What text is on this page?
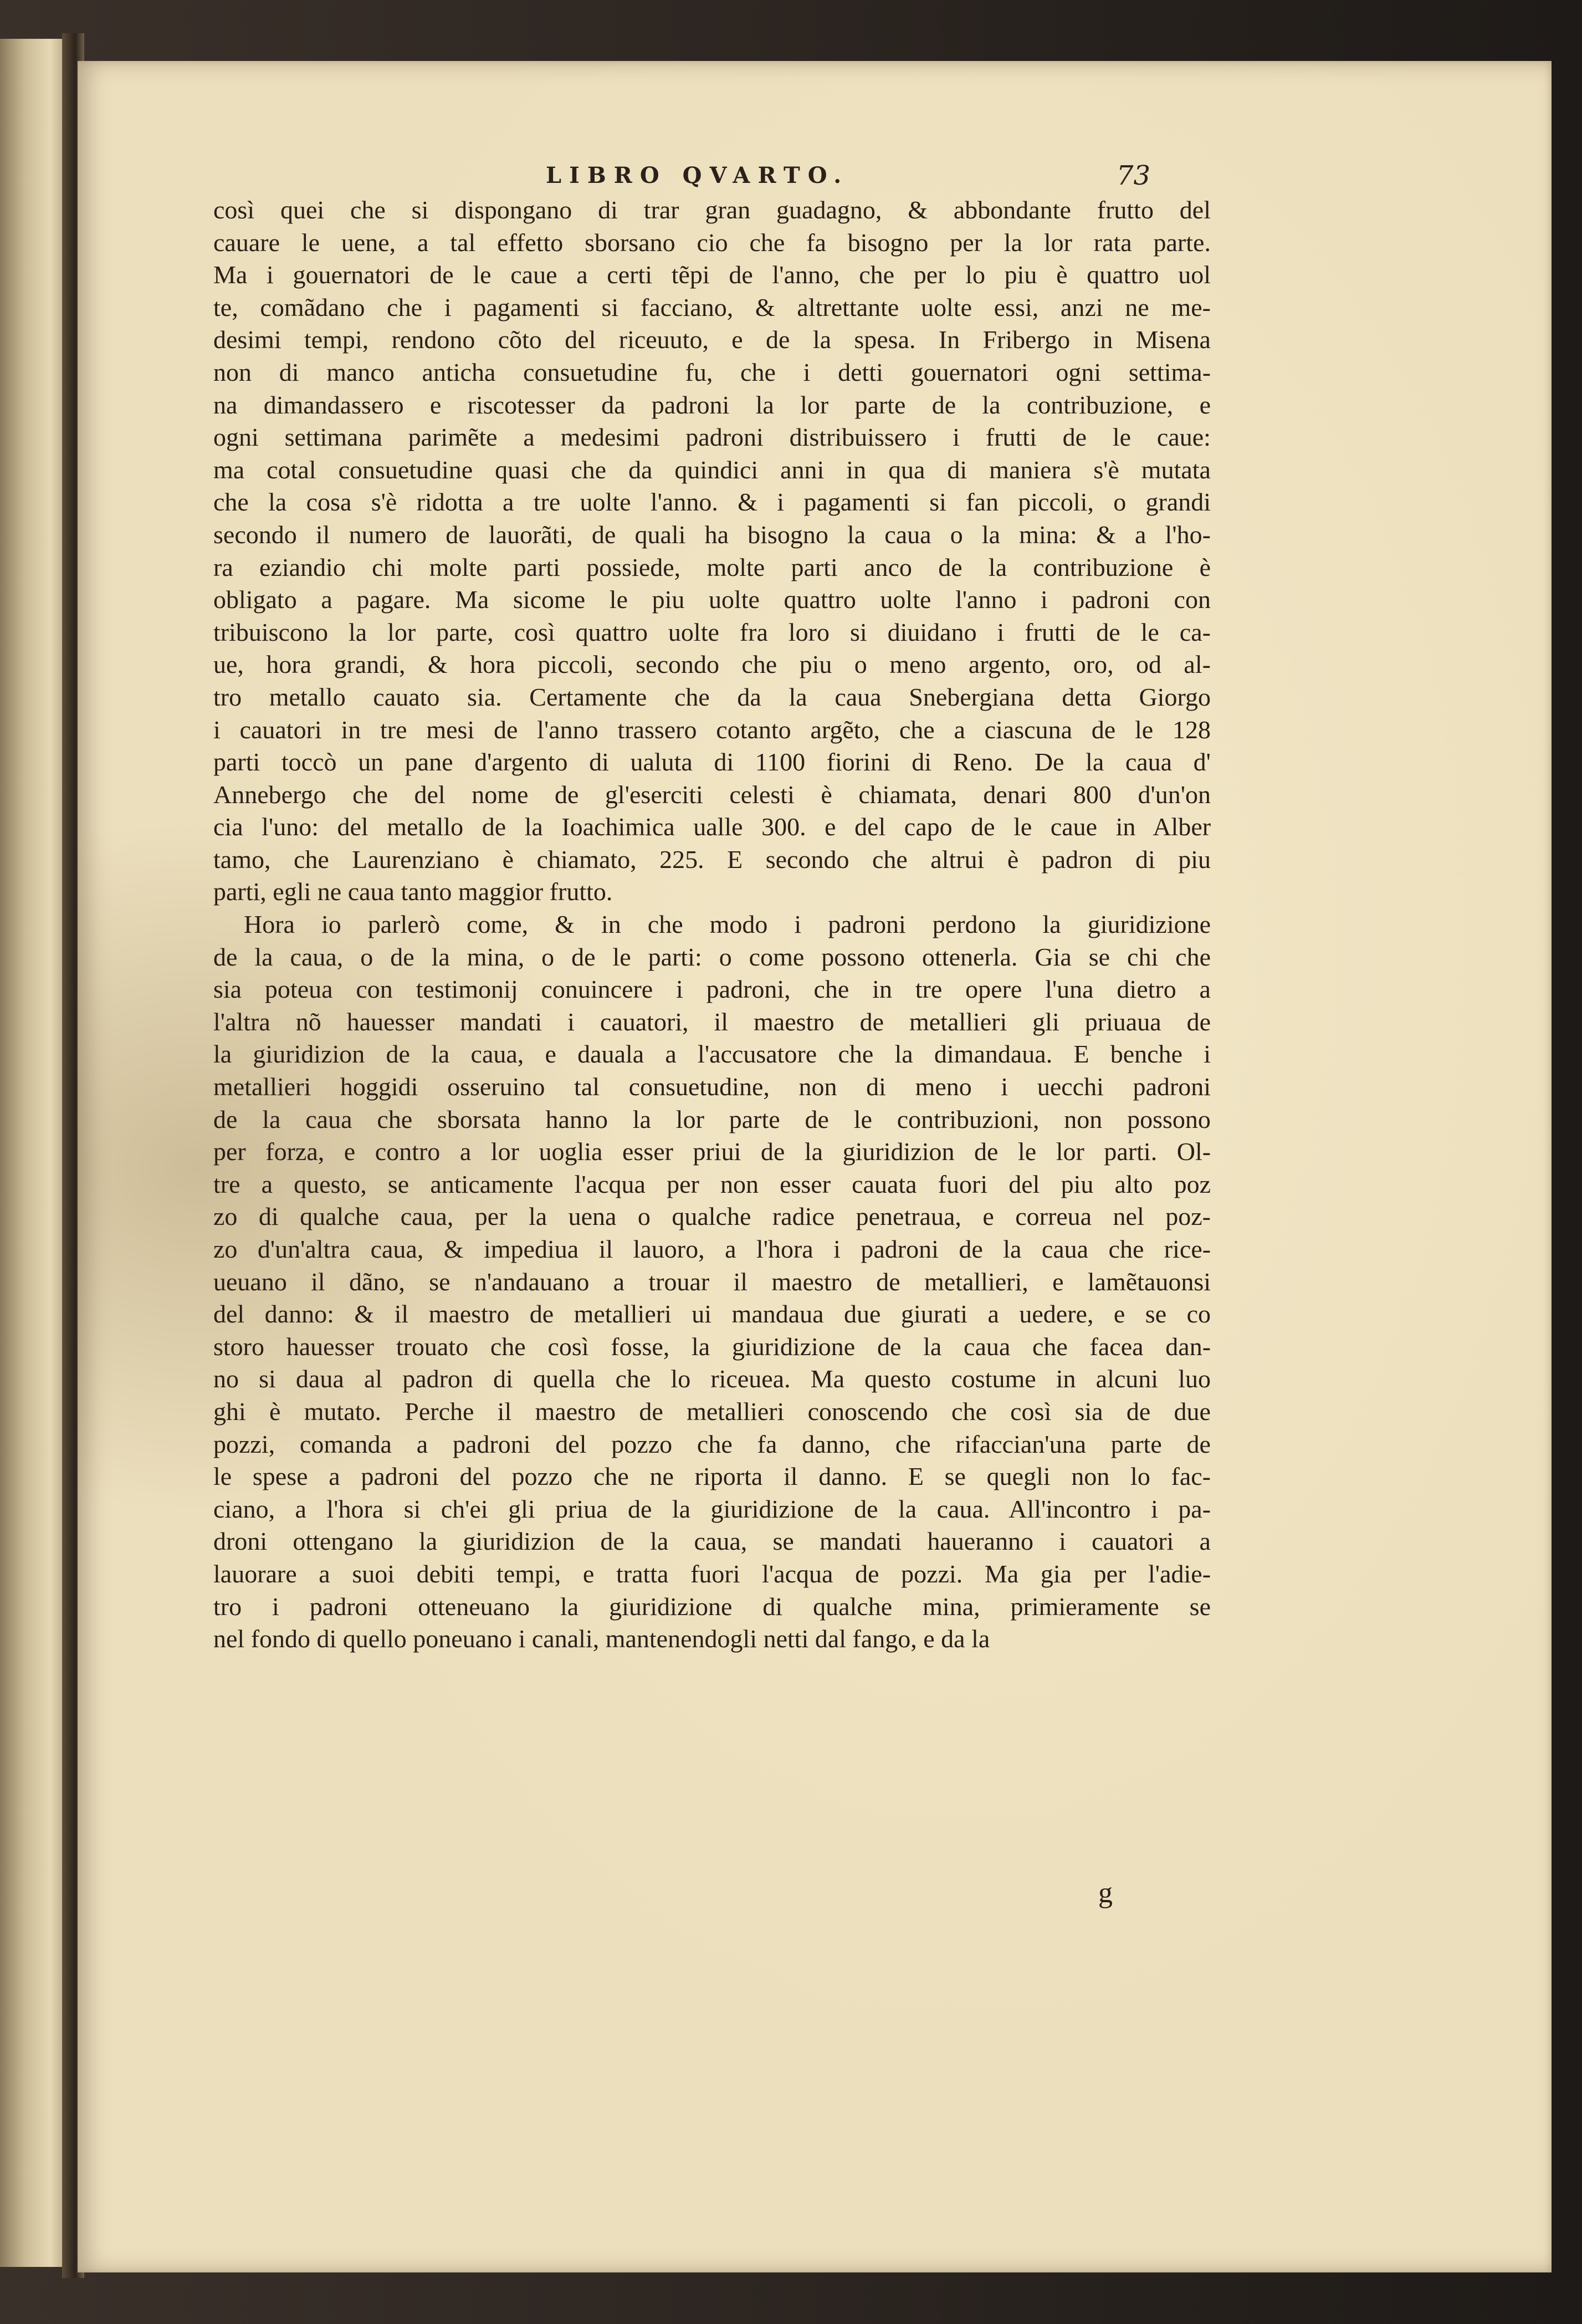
LIBRO QVARTO.	73
così quei che si dispongano di trar gran guadagno, & abbondante frutto del
cauare le uene, a tal effetto sborsano cio che fa bisogno per la lor rata parte.
Ma i gouernatori de le caue a certi tẽpi de l'anno, che per lo piu è quattro uol
te, comãdano che i pagamenti si facciano, & altrettante uolte essi, anzi ne me-
desimi tempi, rendono cõto del riceuuto, e de la spesa. In Fribergo in Misena
non di manco anticha consuetudine fu, che i detti gouernatori ogni settima-
na dimandassero e riscotesser da padroni la lor parte de la contribuzione, e
ogni settimana parimẽte a medesimi padroni distribuissero i frutti de le caue:
ma cotal consuetudine quasi che da quindici anni in qua di maniera s'è mutata
che la cosa s'è ridotta a tre uolte l'anno. & i pagamenti si fan piccoli, o grandi
secondo il numero de lauorãti, de quali ha bisogno la caua o la mina: & a l'ho-
ra eziandio chi molte parti possiede, molte parti anco de la contribuzione è
obligato a pagare. Ma sicome le piu uolte quattro uolte l'anno i padroni con
tribuiscono la lor parte, così quattro uolte fra loro si diuidano i frutti de le ca-
ue, hora grandi, & hora piccoli, secondo che piu o meno argento, oro, od al-
tro metallo cauato sia. Certamente che da la caua Snebergiana detta Giorgo
i cauatori in tre mesi de l'anno trassero cotanto argẽto, che a ciascuna de le 128
parti toccò un pane d'argento di ualuta di 1100 fiorini di Reno. De la caua d'
Annebergo che del nome de gl'eserciti celesti è chiamata, denari 800 d'un'on
cia l'uno: del metallo de la Ioachimica ualle 300. e del capo de le caue in Alber
tamo, che Laurenziano è chiamato, 225. E secondo che altrui è padron di piu
parti, egli ne caua tanto maggior frutto.
Hora io parlerò come, & in che modo i padroni perdono la giuridizione
de la caua, o de la mina, o de le parti: o come possono ottenerla. Gia se chi che
sia poteua con testimonij conuincere i padroni, che in tre opere l'una dietro a
l'altra nõ hauesser mandati i cauatori, il maestro de metallieri gli priuaua de
la giuridizion de la caua, e dauala a l'accusatore che la dimandaua. E benche i
metallieri hoggidi osseruino tal consuetudine, non di meno i uecchi padroni
de la caua che sborsata hanno la lor parte de le contribuzioni, non possono
per forza, e contro a lor uoglia esser priui de la giuridizion de le lor parti. Ol-
tre a questo, se anticamente l'acqua per non esser cauata fuori del piu alto poz
zo di qualche caua, per la uena o qualche radice penetraua, e correua nel poz-
zo d'un'altra caua, & impediua il lauoro, a l'hora i padroni de la caua che rice-
ueuano il dãno, se n'andauano a trouar il maestro de metallieri, e lamẽtauonsi
del danno: & il maestro de metallieri ui mandaua due giurati a uedere, e se co
storo hauesser trouato che così fosse, la giuridizione de la caua che facea dan-
no si daua al padron di quella che lo riceuea. Ma questo costume in alcuni luo
ghi è mutato. Perche il maestro de metallieri conoscendo che così sia de due
pozzi, comanda a padroni del pozzo che fa danno, che rifaccian'una parte de
le spese a padroni del pozzo che ne riporta il danno. E se quegli non lo fac-
ciano, a l'hora si ch'ei gli priua de la giuridizione de la caua. All'incontro i pa-
droni ottengano la giuridizion de la caua, se mandati haueranno i cauatori a
lauorare a suoi debiti tempi, e tratta fuori l'acqua de pozzi. Ma gia per l'adie-
tro i padroni otteneuano la giuridizione di qualche mina, primieramente se
nel fondo di quello poneuano i canali, mantenendogli netti dal fango, e da la
g
